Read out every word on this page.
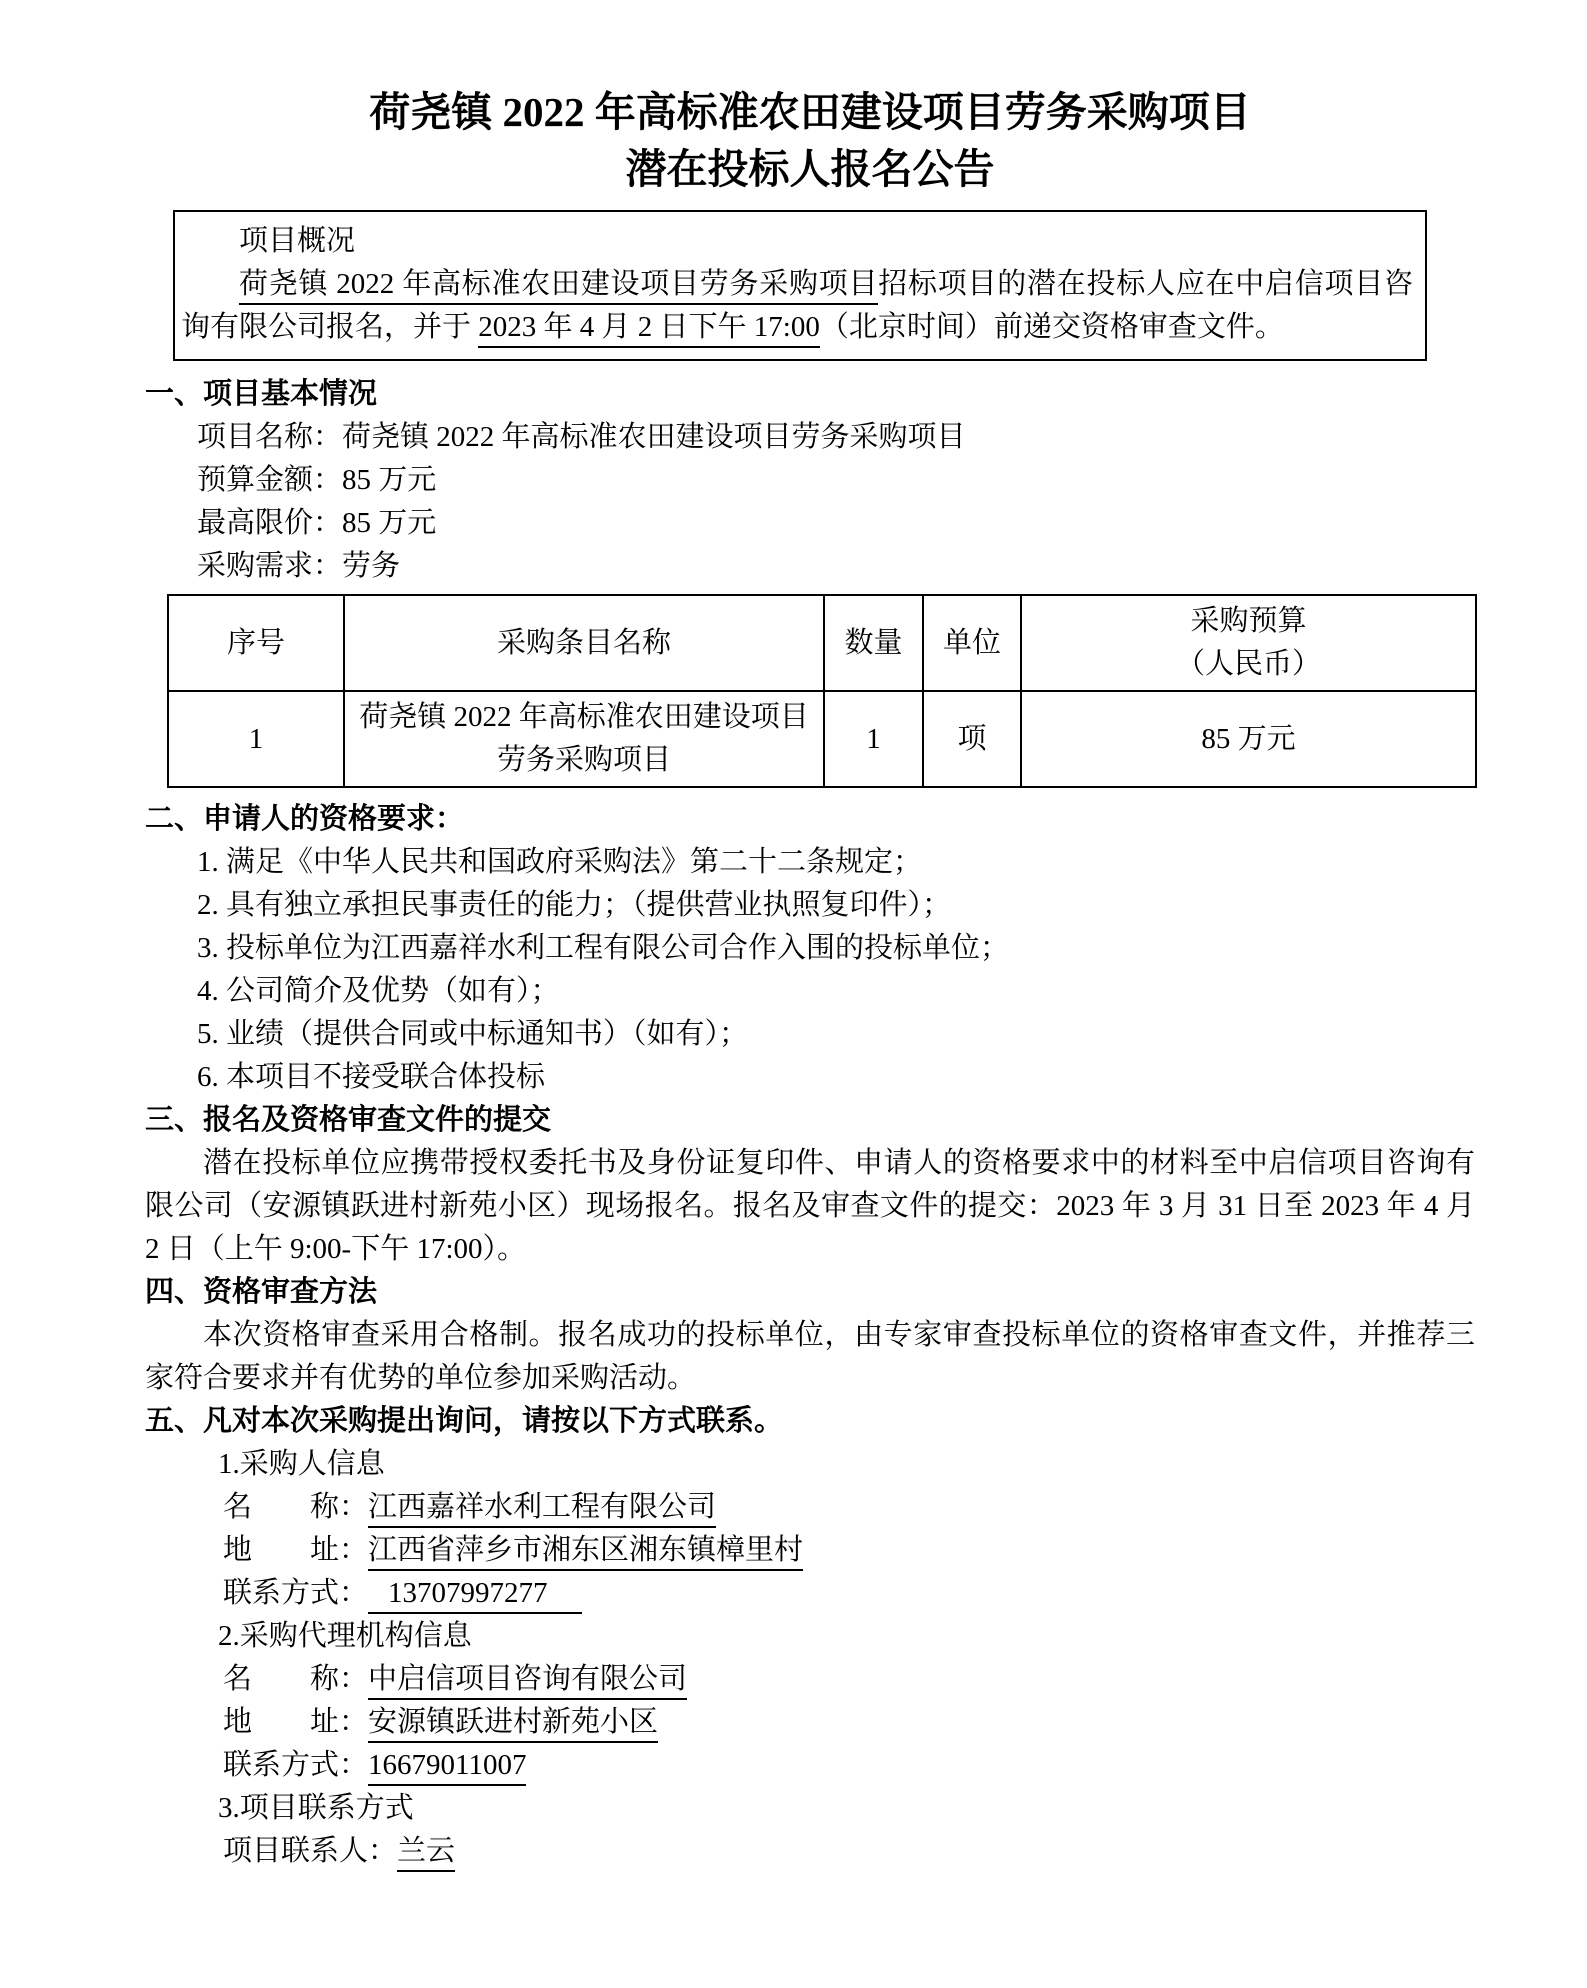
荷尧镇 2022 年高标准农田建设项目劳务采购项目
潜在投标人报名公告

项目概况

荷尧镇 2022 年高标准农田建设项目劳务采购项目招标项目的潜在投标人应在中启信项目咨询有限公司报名，并于 2023 年 4 月 2 日下午 17:00（北京时间）前递交资格审查文件。

一、项目基本情况

项目名称：荷尧镇 2022 年高标准农田建设项目劳务采购项目

预算金额：85 万元

最高限价：85 万元

采购需求：劳务

序号	采购条目名称	数量	单位	采购预算
（人民币）
1	荷尧镇 2022 年高标准农田建设项目劳务采购项目	1	项	85 万元
二、申请人的资格要求：

1. 满足《中华人民共和国政府采购法》第二十二条规定；

2. 具有独立承担民事责任的能力；（提供营业执照复印件）；

3. 投标单位为江西嘉祥水利工程有限公司合作入围的投标单位；

4. 公司简介及优势（如有）；

5. 业绩（提供合同或中标通知书）（如有）；

6. 本项目不接受联合体投标

三、报名及资格审查文件的提交

潜在投标单位应携带授权委托书及身份证复印件、申请人的资格要求中的材料至中启信项目咨询有限公司（安源镇跃进村新苑小区）现场报名。报名及审查文件的提交：2023 年 3 月 31 日至 2023 年 4 月 2 日（上午 9:00-下午 17:00）。

四、资格审查方法

本次资格审查采用合格制。报名成功的投标单位，由专家审查投标单位的资格审查文件，并推荐三家符合要求并有优势的单位参加采购活动。

五、凡对本次采购提出询问，请按以下方式联系。

1.采购人信息

名　　称：江西嘉祥水利工程有限公司

地　　址：江西省萍乡市湘东区湘东镇樟里村

联系方式： 13707997277

2.采购代理机构信息

名　　称：中启信项目咨询有限公司

地　　址：安源镇跃进村新苑小区

联系方式：16679011007

3.项目联系方式

项目联系人：兰云
